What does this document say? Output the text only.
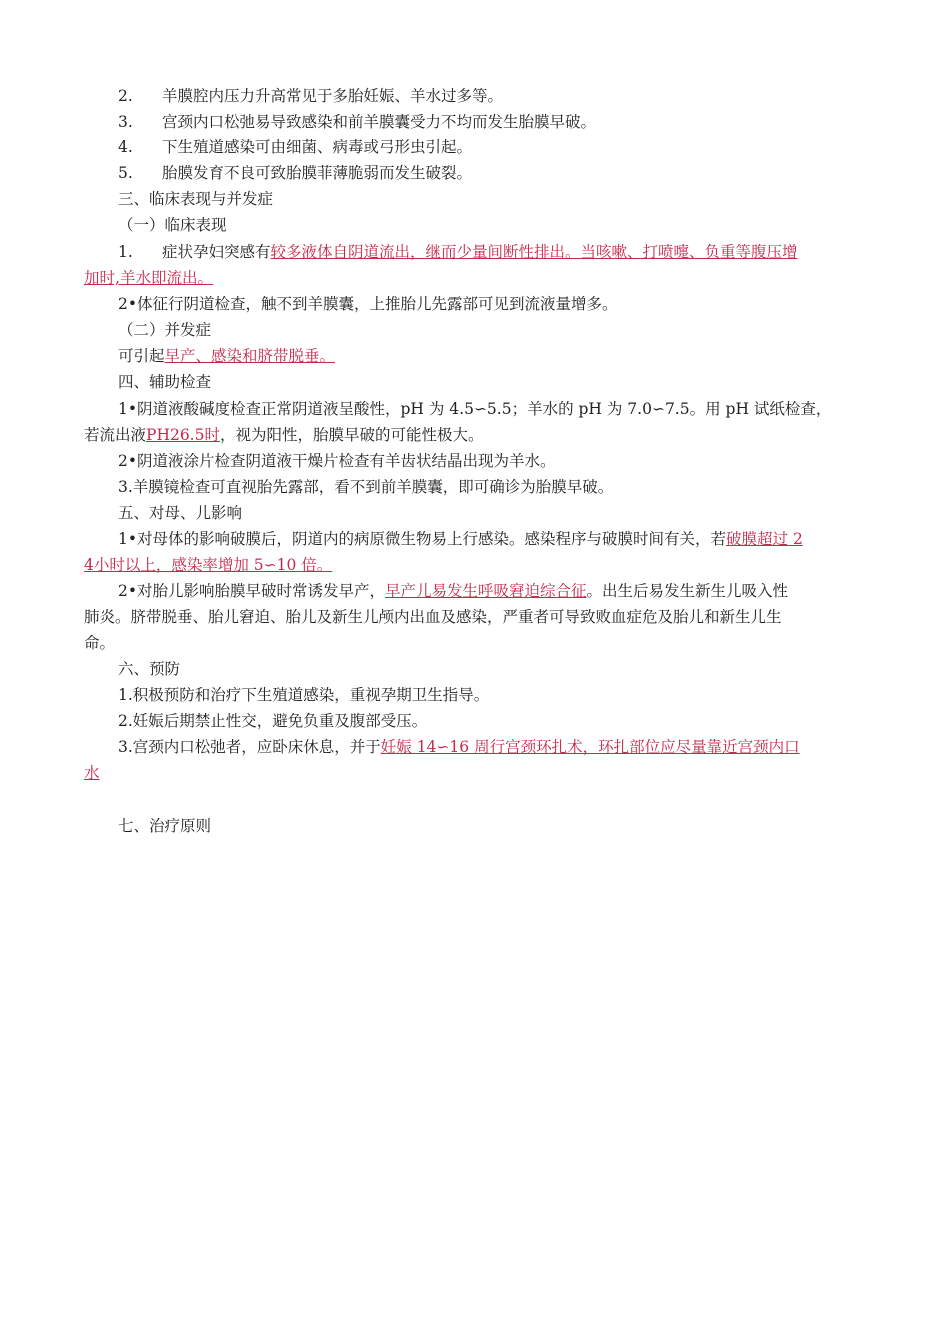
2. 羊膜腔内压力升高常见于多胎妊娠、羊水过多等。
3. 宫颈内口松弛易导致感染和前羊膜囊受力不均而发生胎膜早破。
4. 下生殖道感染可由细菌、病毒或弓形虫引起。
5. 胎膜发育不良可致胎膜菲薄脆弱而发生破裂。
三、临床表现与并发症
（一）临床表现
1. 症状孕妇突感有较多液体自阴道流出，继而少量间断性排出。当咳嗽、打喷嚏、负重等腹压增
加时,羊水即流出。
2•体征行阴道检查，触不到羊膜囊，上推胎儿先露部可见到流液量增多。
（二）并发症
可引起早产、感染和脐带脱垂。
四、辅助检查
1•阴道液酸碱度检查正常阴道液呈酸性，pH 为 4.5∽5.5；羊水的 pH 为 7.0∽7.5。用 pH 试纸检查，
若流出液PH26.5时，视为阳性，胎膜早破的可能性极大。
2•阴道液涂片检查阴道液干燥片检查有羊齿状结晶出现为羊水。
3.羊膜镜检查可直视胎先露部，看不到前羊膜囊，即可确诊为胎膜早破。
五、对母、儿影响
1•对母体的影响破膜后，阴道内的病原微生物易上行感染。感染程序与破膜时间有关，若破膜超过 2
4小时以上，感染率增加 5∽10 倍。
2•对胎儿影响胎膜早破时常诱发早产，早产儿易发生呼吸窘迫综合征。出生后易发生新生儿吸入性
肺炎。脐带脱垂、胎儿窘迫、胎儿及新生儿颅内出血及感染，严重者可导致败血症危及胎儿和新生儿生
命。
六、预防
1.积极预防和治疗下生殖道感染，重视孕期卫生指导。
2.妊娠后期禁止性交，避免负重及腹部受压。
3.宫颈内口松弛者，应卧床休息，并于妊娠 14∽16 周行宫颈环扎术，环扎部位应尽量靠近宫颈内口
水
七、治疗原则
